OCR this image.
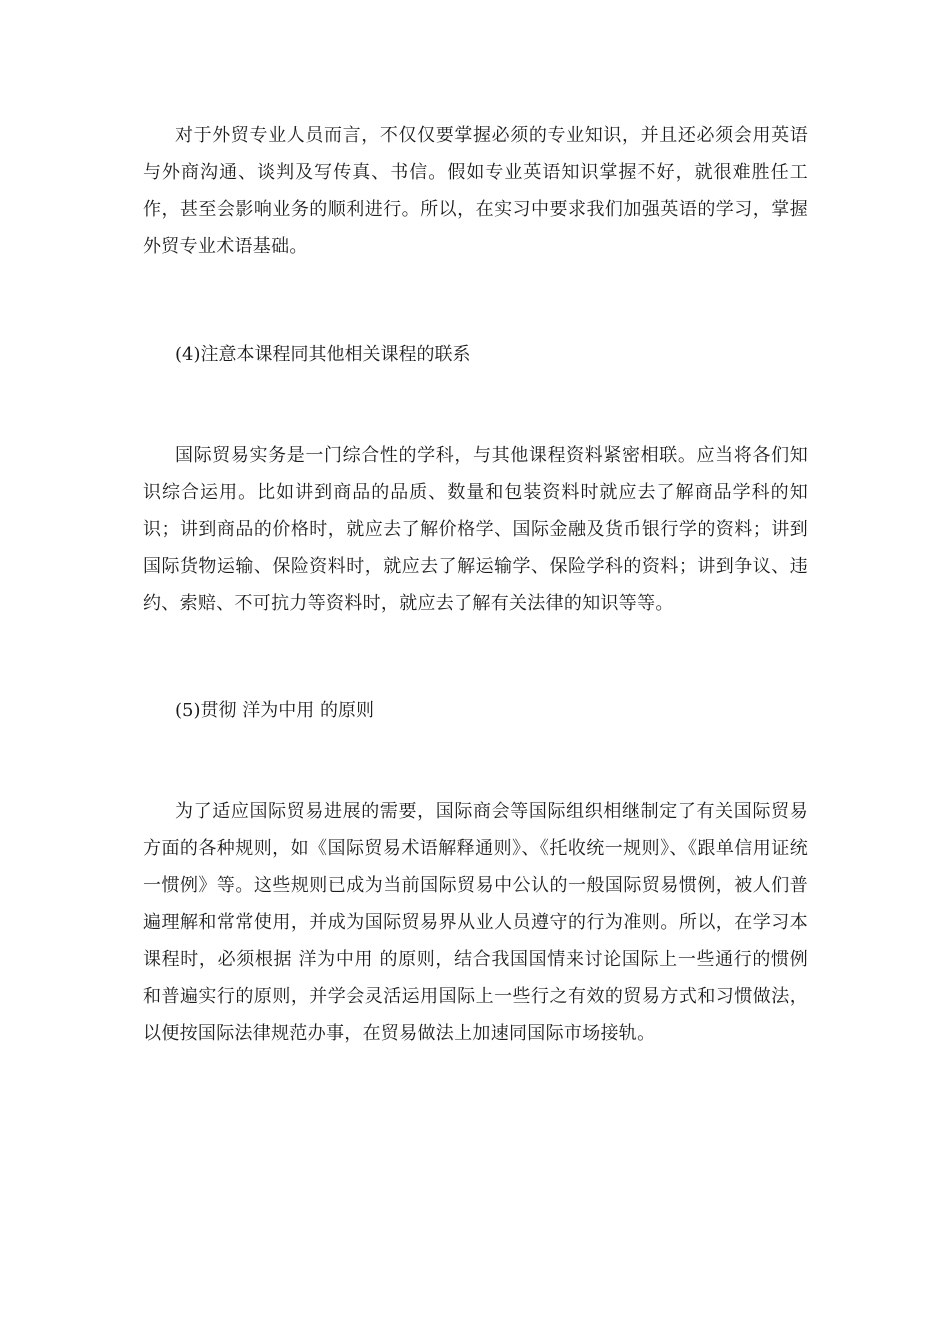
对于外贸专业人员而言，不仅仅要掌握必须的专业知识，并且还必须会用英语与外商沟通、谈判及写传真、书信。假如专业英语知识掌握不好，就很难胜任工作，甚至会影响业务的顺利进行。所以，在实习中要求我们加强英语的学习，掌握外贸专业术语基础。

(4)注意本课程同其他相关课程的联系

国际贸易实务是一门综合性的学科，与其他课程资料紧密相联。应当将各们知识综合运用。比如讲到商品的品质、数量和包装资料时就应去了解商品学科的知识；讲到商品的价格时，就应去了解价格学、国际金融及货币银行学的资料；讲到国际货物运输、保险资料时，就应去了解运输学、保险学科的资料；讲到争议、违约、索赔、不可抗力等资料时，就应去了解有关法律的知识等等。

(5)贯彻 洋为中用 的原则

为了适应国际贸易进展的需要，国际商会等国际组织相继制定了有关国际贸易方面的各种规则，如《国际贸易术语解释通则》、《托收统一规则》、《跟单信用证统一惯例》等。这些规则已成为当前国际贸易中公认的一般国际贸易惯例，被人们普遍理解和常常使用，并成为国际贸易界从业人员遵守的行为准则。所以，在学习本课程时，必须根据 洋为中用 的原则，结合我国国情来讨论国际上一些通行的惯例和普遍实行的原则，并学会灵活运用国际上一些行之有效的贸易方式和习惯做法，以便按国际法律规范办事，在贸易做法上加速同国际市场接轨。
